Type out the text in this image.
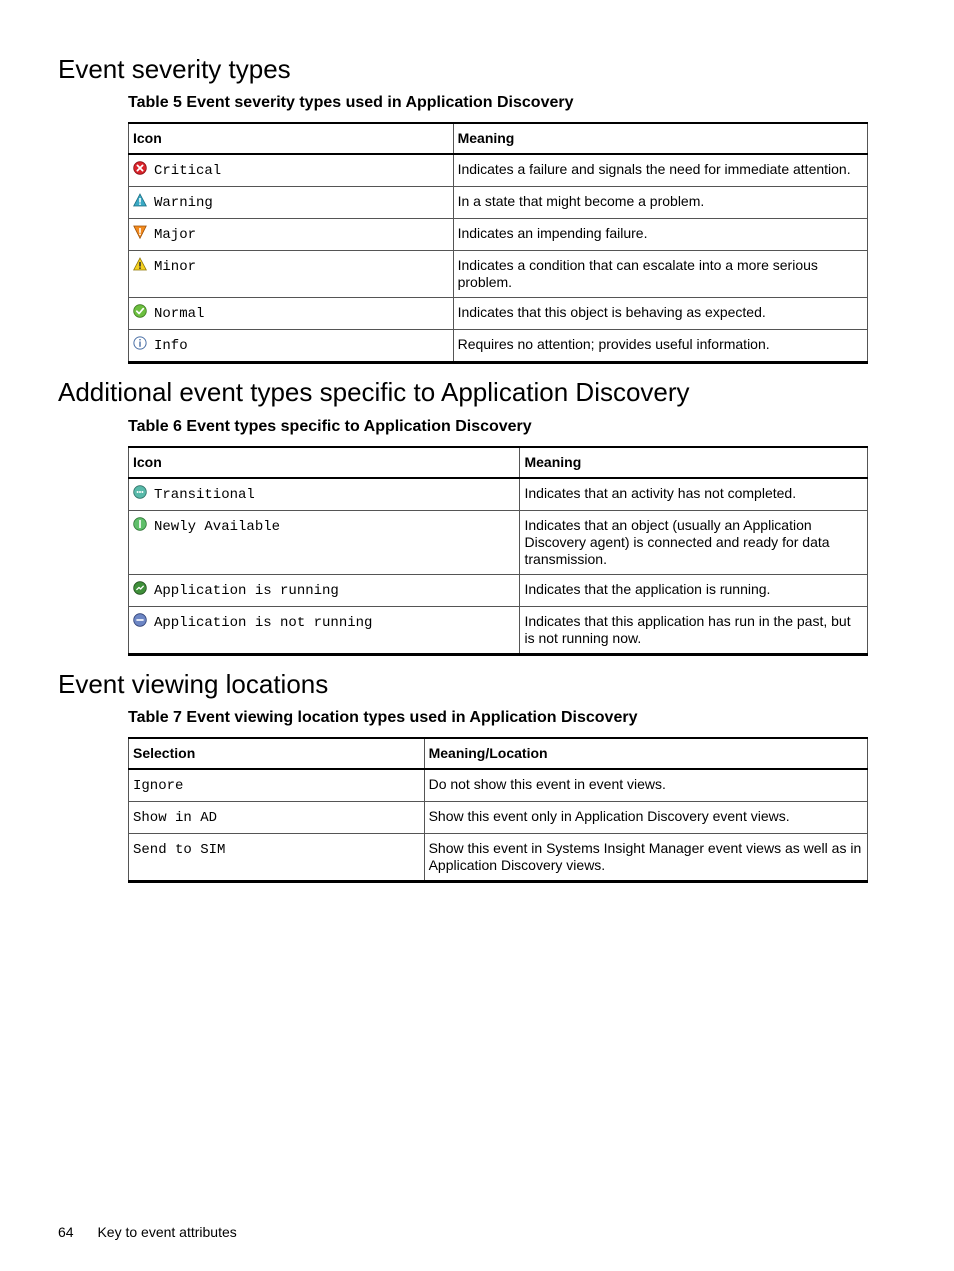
Event severity types
Table 5 Event severity types used in Application Discovery
Icon	Meaning

Critical	Indicates a failure and signals the need for immediate attention.

Warning	In a state that might become a problem.

Major	Indicates an impending failure.

Minor	Indicates a condition that can escalate into a more serious problem.

Normal	Indicates that this object is behaving as expected.

Info	Requires no attention; provides useful information.
Additional event types specific to Application Discovery
Table 6 Event types specific to Application Discovery
Icon	Meaning

Transitional	Indicates that an activity has not completed.

Newly Available	Indicates that an object (usually an Application Discovery agent) is connected and ready for data transmission.

Application is running	Indicates that the application is running.

Application is not running	Indicates that this application has run in the past, but is not running now.
Event viewing locations
Table 7 Event viewing location types used in Application Discovery
Selection	Meaning/Location
Ignore	Do not show this event in event views.
Show in AD	Show this event only in Application Discovery event views.
Send to SIM	Show this event in Systems Insight Manager event views as well as in Application Discovery views.
64 Key to event attributes
